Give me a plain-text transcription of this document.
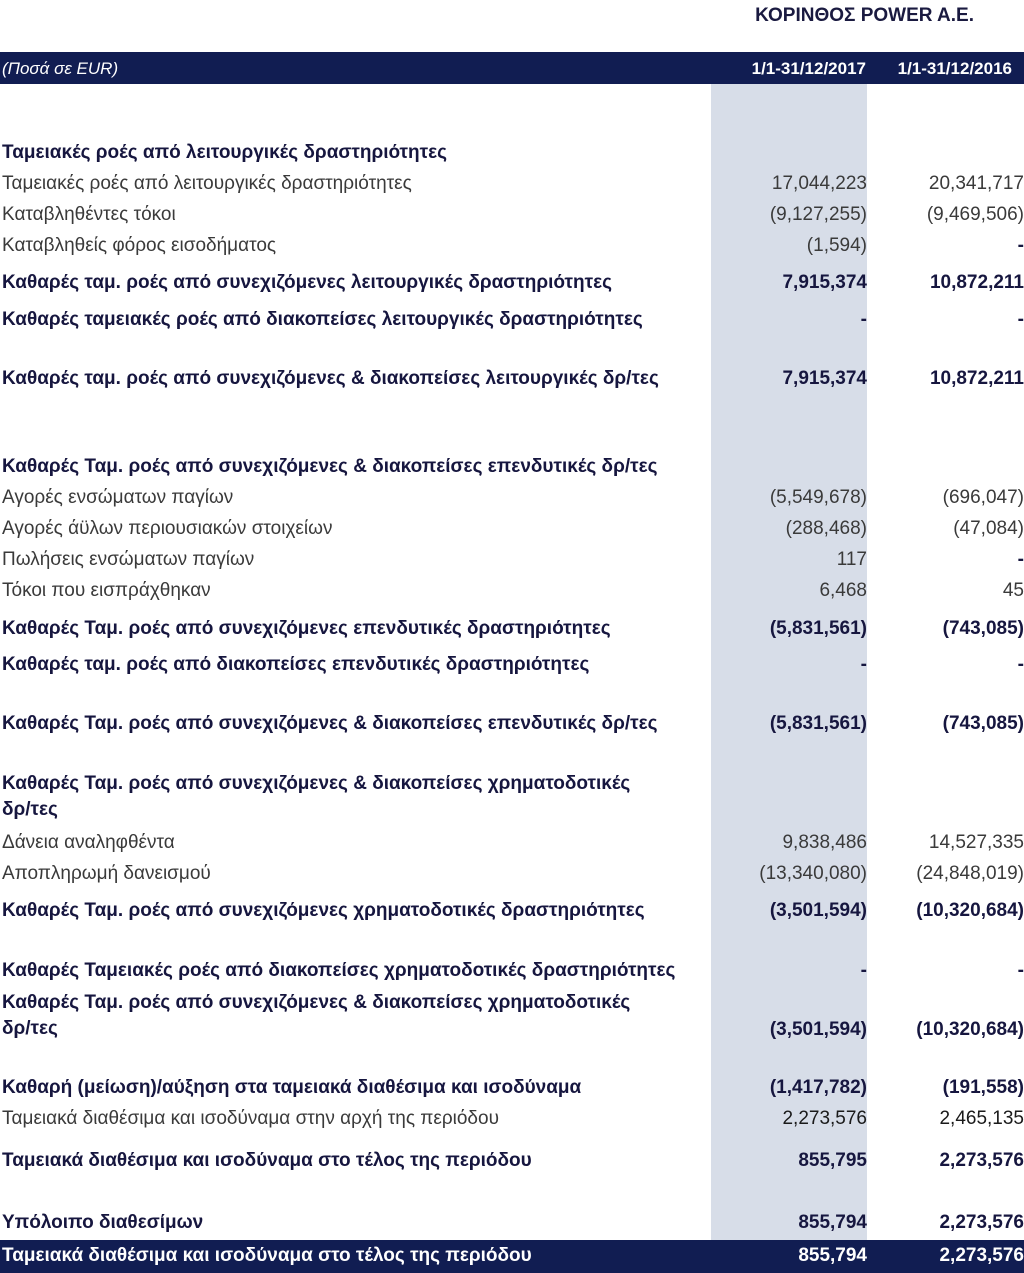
ΚΟΡΙΝΘΟΣ POWER A.E.
(Ποσά σε EUR)	1/1-31/12/2017 1/1-31/12/2016
Ταμειακές ροές από λειτουργικές δραστηριότητες
Ταμειακές ροές από λειτουργικές δραστηριότητες	17,044,223	20,341,717
Καταβληθέντες τόκοι	(9,127,255)	(9,469,506)
Καταβληθείς φόρος εισοδήματος	(1,594)	-
Καθαρές ταμ. ροές από συνεχιζόμενες λειτουργικές δραστηριότητες	7,915,374	10,872,211
Καθαρές ταμειακές ροές από διακοπείσες λειτουργικές δραστηριότητες	-	-
Καθαρές ταμ. ροές από συνεχιζόμενες & διακοπείσες λειτουργικές δρ/τες	7,915,374	10,872,211
Καθαρές Ταμ. ροές από συνεχιζόμενες & διακοπείσες επενδυτικές δρ/τες
Αγορές ενσώματων παγίων	(5,549,678)	(696,047)
Αγορές άϋλων περιουσιακών στοιχείων	(288,468)	(47,084)
Πωλήσεις ενσώματων παγίων	117	-
Τόκοι που εισπράχθηκαν	6,468	45
Καθαρές Ταμ. ροές από συνεχιζόμενες επενδυτικές δραστηριότητες	(5,831,561)	(743,085)
Καθαρές ταμ. ροές από διακοπείσες επενδυτικές δραστηριότητες	-	-
Καθαρές Ταμ. ροές από συνεχιζόμενες & διακοπείσες επενδυτικές δρ/τες	(5,831,561)	(743,085)
Καθαρές Ταμ. ροές από συνεχιζόμενες & διακοπείσες χρηματοδοτικές
δρ/τες
Δάνεια αναληφθέντα	9,838,486	14,527,335
Αποπληρωμή δανεισμού	(13,340,080)	(24,848,019)
Καθαρές Ταμ. ροές από συνεχιζόμενες χρηματοδοτικές δραστηριότητες	(3,501,594)	(10,320,684)
Καθαρές Ταμειακές ροές από διακοπείσες χρηματοδοτικές δραστηριότητες	-	-
Καθαρές Ταμ. ροές από συνεχιζόμενες & διακοπείσες χρηματοδοτικές
δρ/τες	(3,501,594)	(10,320,684)
Καθαρή (μείωση)/αύξηση στα ταμειακά διαθέσιμα και ισοδύναμα	(1,417,782)	(191,558)
Ταμειακά διαθέσιμα και ισοδύναμα στην αρχή της περιόδου	2,273,576	2,465,135
Ταμειακά διαθέσιμα και ισοδύναμα στο τέλος της περιόδου	855,795	2,273,576
Υπόλοιπο διαθεσίμων	855,794	2,273,576
Ταμειακά διαθέσιμα και ισοδύναμα στο τέλος της περιόδου	855,794	2,273,576
